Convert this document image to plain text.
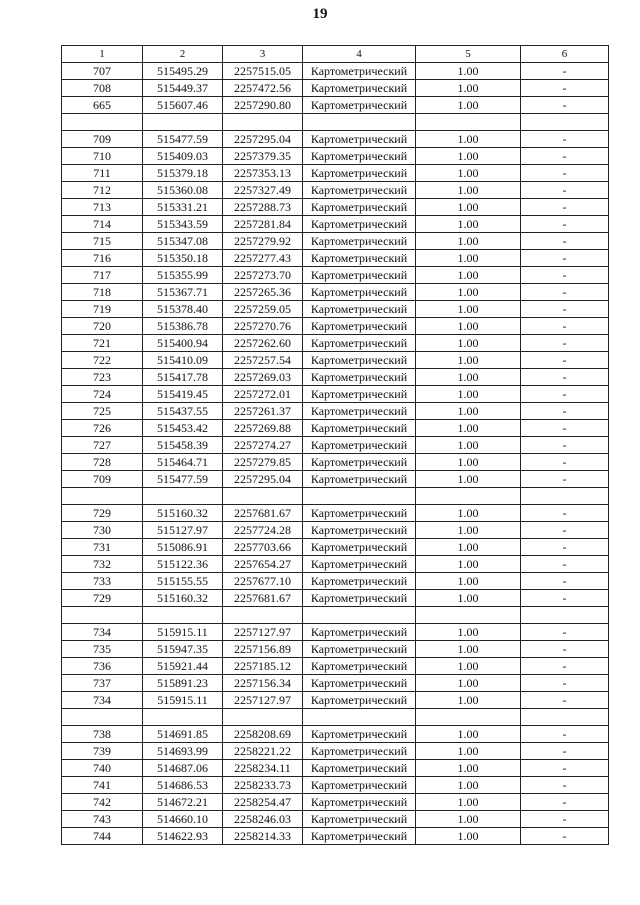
19
1	2	3	4	5	6
707	515495.29	2257515.05	Картометрический	1.00	-
708	515449.37	2257472.56	Картометрический	1.00	-
665	515607.46	2257290.80	Картометрический	1.00	-

709	515477.59	2257295.04	Картометрический	1.00	-
710	515409.03	2257379.35	Картометрический	1.00	-
711	515379.18	2257353.13	Картометрический	1.00	-
712	515360.08	2257327.49	Картометрический	1.00	-
713	515331.21	2257288.73	Картометрический	1.00	-
714	515343.59	2257281.84	Картометрический	1.00	-
715	515347.08	2257279.92	Картометрический	1.00	-
716	515350.18	2257277.43	Картометрический	1.00	-
717	515355.99	2257273.70	Картометрический	1.00	-
718	515367.71	2257265.36	Картометрический	1.00	-
719	515378.40	2257259.05	Картометрический	1.00	-
720	515386.78	2257270.76	Картометрический	1.00	-
721	515400.94	2257262.60	Картометрический	1.00	-
722	515410.09	2257257.54	Картометрический	1.00	-
723	515417.78	2257269.03	Картометрический	1.00	-
724	515419.45	2257272.01	Картометрический	1.00	-
725	515437.55	2257261.37	Картометрический	1.00	-
726	515453.42	2257269.88	Картометрический	1.00	-
727	515458.39	2257274.27	Картометрический	1.00	-
728	515464.71	2257279.85	Картометрический	1.00	-
709	515477.59	2257295.04	Картометрический	1.00	-

729	515160.32	2257681.67	Картометрический	1.00	-
730	515127.97	2257724.28	Картометрический	1.00	-
731	515086.91	2257703.66	Картометрический	1.00	-
732	515122.36	2257654.27	Картометрический	1.00	-
733	515155.55	2257677.10	Картометрический	1.00	-
729	515160.32	2257681.67	Картометрический	1.00	-

734	515915.11	2257127.97	Картометрический	1.00	-
735	515947.35	2257156.89	Картометрический	1.00	-
736	515921.44	2257185.12	Картометрический	1.00	-
737	515891.23	2257156.34	Картометрический	1.00	-
734	515915.11	2257127.97	Картометрический	1.00	-

738	514691.85	2258208.69	Картометрический	1.00	-
739	514693.99	2258221.22	Картометрический	1.00	-
740	514687.06	2258234.11	Картометрический	1.00	-
741	514686.53	2258233.73	Картометрический	1.00	-
742	514672.21	2258254.47	Картометрический	1.00	-
743	514660.10	2258246.03	Картометрический	1.00	-
744	514622.93	2258214.33	Картометрический	1.00	-
